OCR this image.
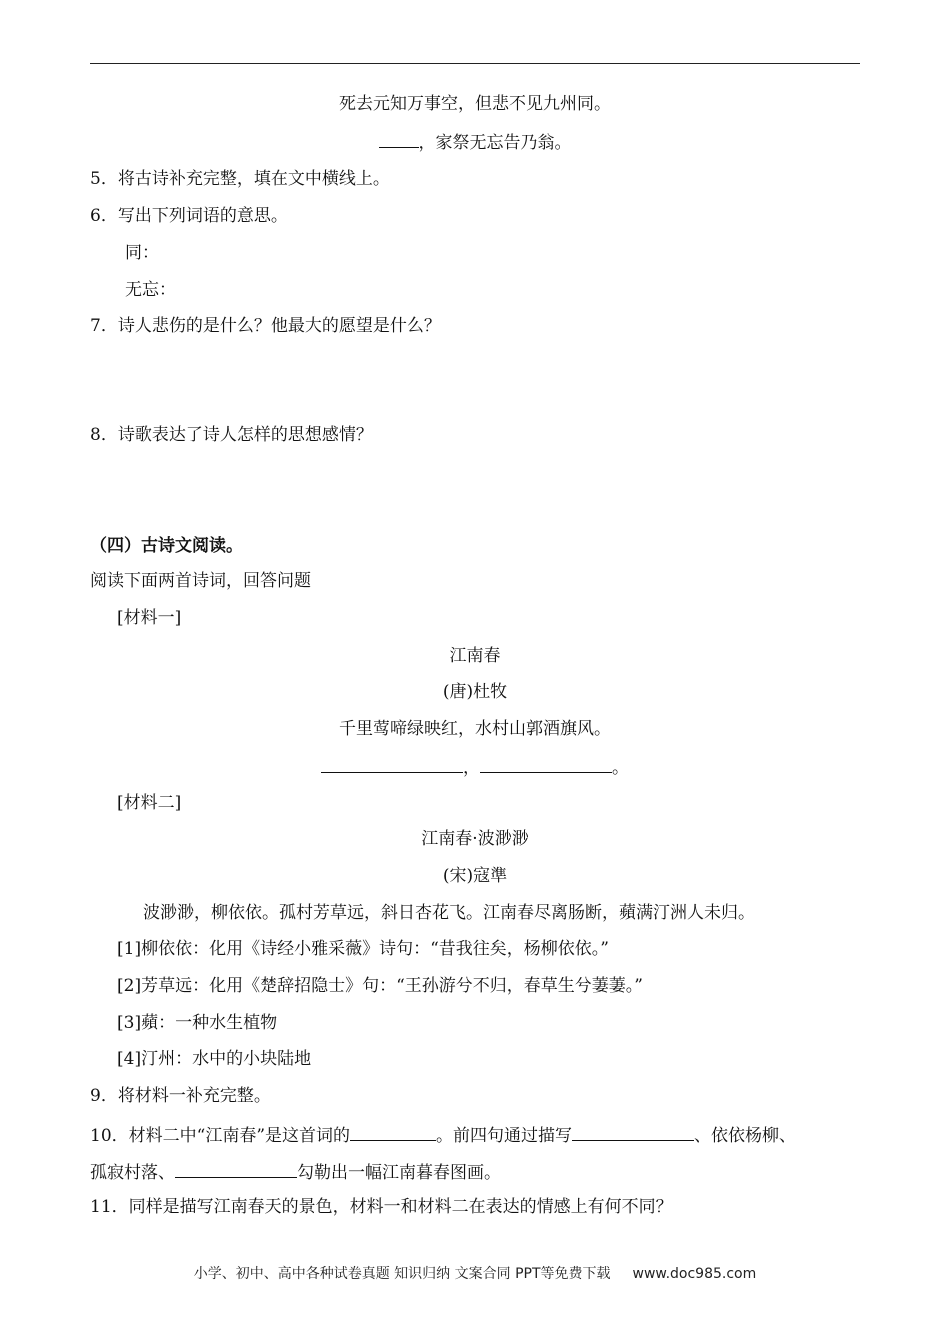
死去元知万事空，但悲不见九州同。
，家祭无忘告乃翁。
5．将古诗补充完整，填在文中横线上。
6．写出下列词语的意思。
同：
无忘：
7．诗人悲伤的是什么？他最大的愿望是什么？
8．诗歌表达了诗人怎样的思想感情？
（四）古诗文阅读。
阅读下面两首诗词，回答问题
[材料一]
江南春
(唐)杜牧
千里莺啼绿映红，水村山郭酒旗风。
，	。
[材料二]
江南春·波渺渺
(宋)寇準
波渺渺，柳依依。孤村芳草远，斜日杏花飞。江南春尽离肠断，蘋满汀洲人未归。
[1]柳依依：化用《诗经小雅采薇》诗句：“昔我往矣，杨柳依依。”
[2]芳草远：化用《楚辞招隐士》句：“王孙游兮不归，春草生兮萋萋。”
[3]蘋：一种水生植物
[4]汀州：水中的小块陆地
9．将材料一补充完整。
10．材料二中“江南春”是这首词的	。前四句通过描写	、依依杨柳、
孤寂村落、	勾勒出一幅江南暮春图画。
11．同样是描写江南春天的景色，材料一和材料二在表达的情感上有何不同？
小学、初中、高中各种试卷真题 知识归纳 文案合同 PPT等免费下载 www.doc985.com
